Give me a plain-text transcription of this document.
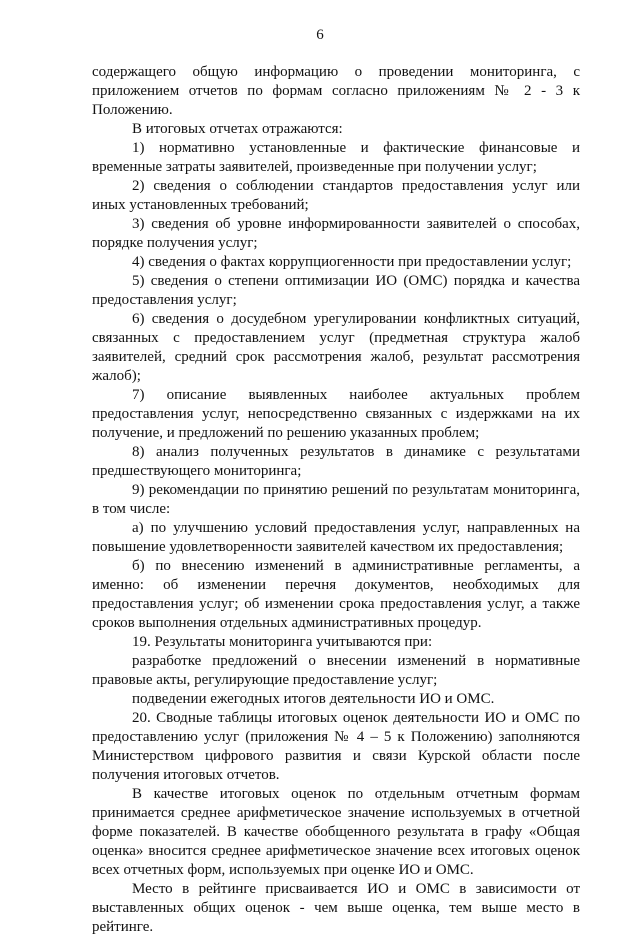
6

содержащего общую информацию о проведении мониторинга, с приложением отчетов по формам согласно приложениям № 2 - 3 к Положению.

В итоговых отчетах отражаются:

1) нормативно установленные и фактические финансовые и временные затраты заявителей, произведенные при получении услуг;

2) сведения о соблюдении стандартов предоставления услуг или иных установленных требований;

3) сведения об уровне информированности заявителей о способах, порядке получения услуг;

4) сведения о фактах коррупциогенности при предоставлении услуг;

5) сведения о степени оптимизации ИО (ОМС) порядка и качества предоставления услуг;

6) сведения о досудебном урегулировании конфликтных ситуаций, связанных с предоставлением услуг (предметная структура жалоб заявителей, средний срок рассмотрения жалоб, результат рассмотрения жалоб);

7) описание выявленных наиболее актуальных проблем предоставления услуг, непосредственно связанных с издержками на их получение, и предложений по решению указанных проблем;

8) анализ полученных результатов в динамике с результатами предшествующего мониторинга;

9) рекомендации по принятию решений по результатам мониторинга, в том числе:

а) по улучшению условий предоставления услуг, направленных на повышение удовлетворенности заявителей качеством их предоставления;

б) по внесению изменений в административные регламенты, а именно: об изменении перечня документов, необходимых для предоставления услуг; об изменении срока предоставления услуг, а также сроков выполнения отдельных административных процедур.

19. Результаты мониторинга учитываются при:

разработке предложений о внесении изменений в нормативные правовые акты, регулирующие предоставление услуг;

подведении ежегодных итогов деятельности ИО и ОМС.

20. Сводные таблицы итоговых оценок деятельности ИО и ОМС по предоставлению услуг (приложения № 4 – 5 к Положению) заполняются Министерством цифрового развития и связи Курской области после получения итоговых отчетов.

В качестве итоговых оценок по отдельным отчетным формам принимается среднее арифметическое значение используемых в отчетной форме показателей. В качестве обобщенного результата в графу «Общая оценка» вносится среднее арифметическое значение всех итоговых оценок всех отчетных форм, используемых при оценке ИО и ОМС.

Место в рейтинге присваивается ИО и ОМС в зависимости от выставленных общих оценок - чем выше оценка, тем выше место в рейтинге.
